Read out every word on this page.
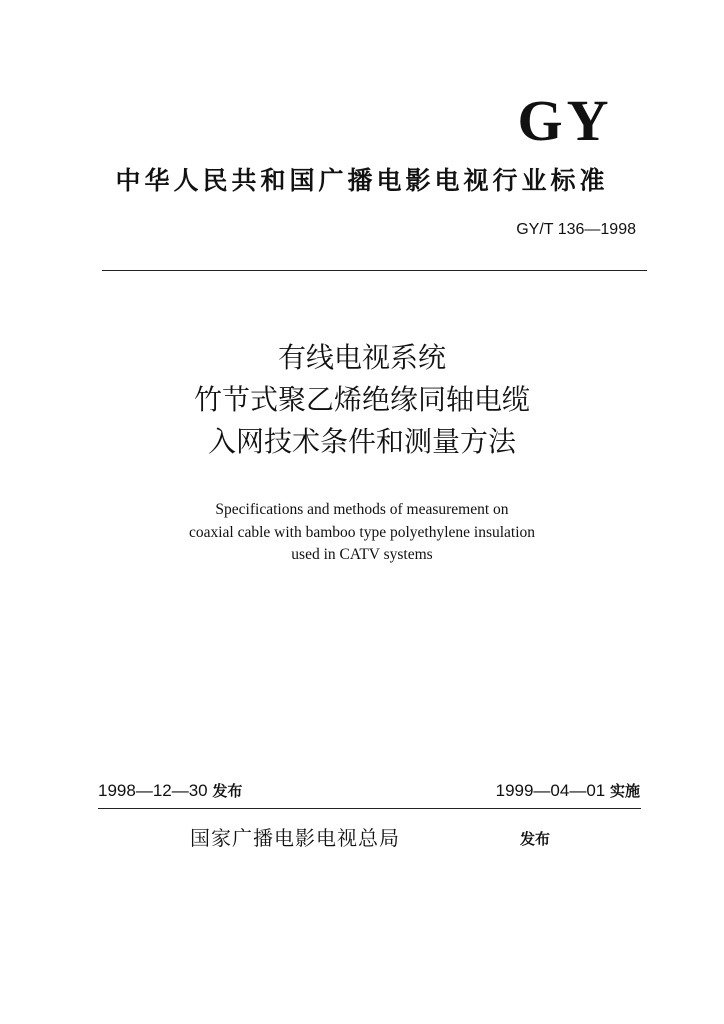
GY
中华人民共和国广播电影电视行业标准
GY/T 136—1998
有线电视系统
竹节式聚乙烯绝缘同轴电缆
入网技术条件和测量方法
Specifications and methods of measurement on
coaxial cable with bamboo type polyethylene insulation
used in CATV systems
1998—12—30 发布	1999—04—01 实施
国家广播电影电视总局	发布
